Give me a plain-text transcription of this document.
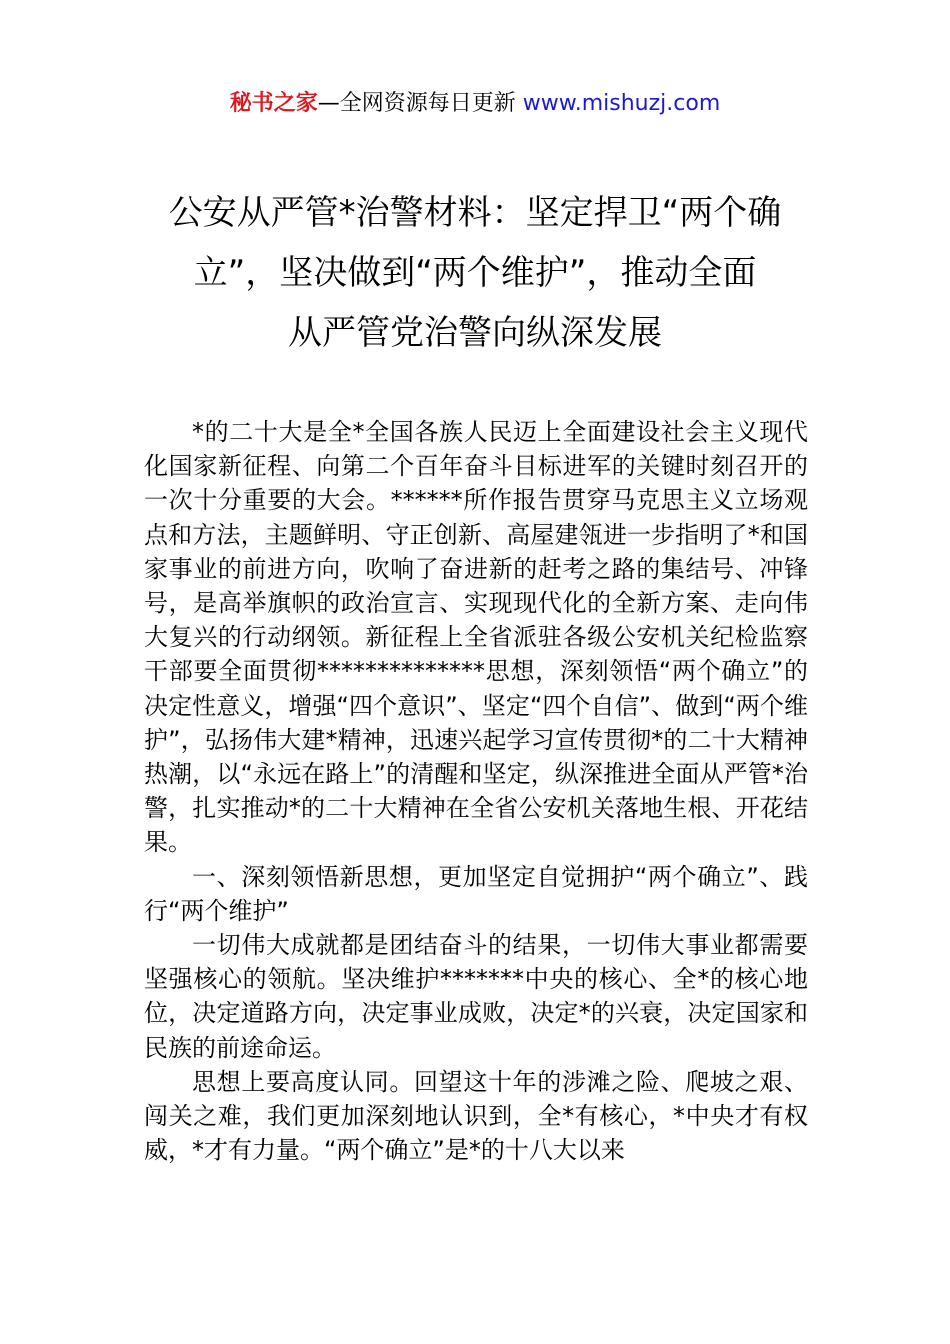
秘书之家—全网资源每日更新 www.mishuzj.com
公安从严管*治警材料：坚定捍卫“两个确
立”，坚决做到“两个维护”，推动全面
从严管党治警向纵深发展

*的二十大是全*全国各族人民迈上全面建设社会主义现代化国家新征程、向第二个百年奋斗目标进军的关键时刻召开的一次十分重要的大会。******所作报告贯穿马克思主义立场观点和方法，主题鲜明、守正创新、高屋建瓴进一步指明了*和国家事业的前进方向，吹响了奋进新的赶考之路的集结号、冲锋号，是高举旗帜的政治宣言、实现现代化的全新方案、走向伟大复兴的行动纲领。新征程上全省派驻各级公安机关纪检监察干部要全面贯彻**************思想，深刻领悟“两个确立”的决定性意义，增强“四个意识”、坚定“四个自信”、做到“两个维护”，弘扬伟大建*精神，迅速兴起学习宣传贯彻*的二十大精神热潮，以“永远在路上”的清醒和坚定，纵深推进全面从严管*治警，扎实推动*的二十大精神在全省公安机关落地生根、开花结果。

一、深刻领悟新思想，更加坚定自觉拥护“两个确立”、践行“两个维护”

一切伟大成就都是团结奋斗的结果，一切伟大事业都需要坚强核心的领航。坚决维护*******中央的核心、全*的核心地位，决定道路方向，决定事业成败，决定*的兴衰，决定国家和民族的前途命运。

思想上要高度认同。回望这十年的涉滩之险、爬坡之艰、闯关之难，我们更加深刻地认识到，全*有核心，*中央才有权威，*才有力量。“两个确立”是*的十八大以来
